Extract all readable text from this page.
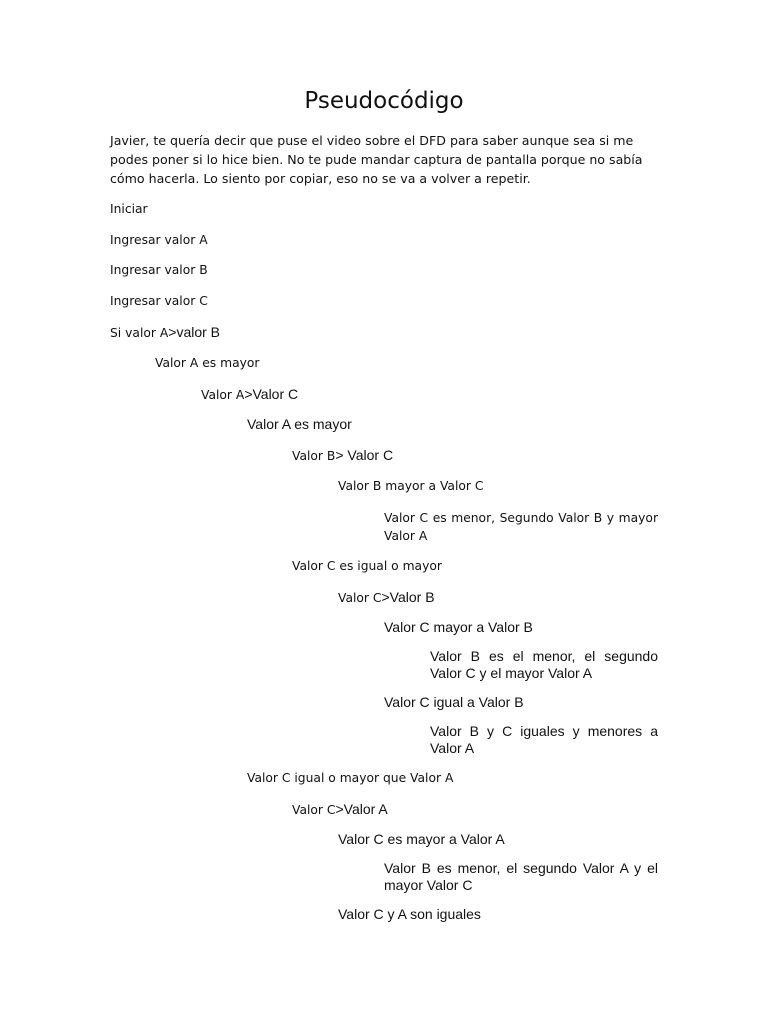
Pseudocódigo
Javier, te quería decir que puse el video sobre el DFD para saber aunque sea si me podes poner si lo hice bien. No te pude mandar captura de pantalla porque no sabía cómo hacerla. Lo siento por copiar, eso no se va a volver a repetir.
Iniciar
Ingresar valor A
Ingresar valor B
Ingresar valor C
Si valor A>valor B
Valor A es mayor
Valor A>Valor C
Valor A es mayor
Valor B> Valor C
Valor B mayor a Valor C
Valor C es menor, Segundo Valor B y mayor Valor A
Valor C es igual o mayor
Valor C>Valor B
Valor C mayor a Valor B
Valor B es el menor, el segundo Valor C y el mayor Valor A
Valor C igual a Valor B
Valor B y C iguales y menores a Valor A
Valor C igual o mayor que Valor A
Valor C>Valor A
Valor C es mayor a Valor A
Valor B es menor, el segundo Valor A y el mayor Valor C
Valor C y A son iguales
